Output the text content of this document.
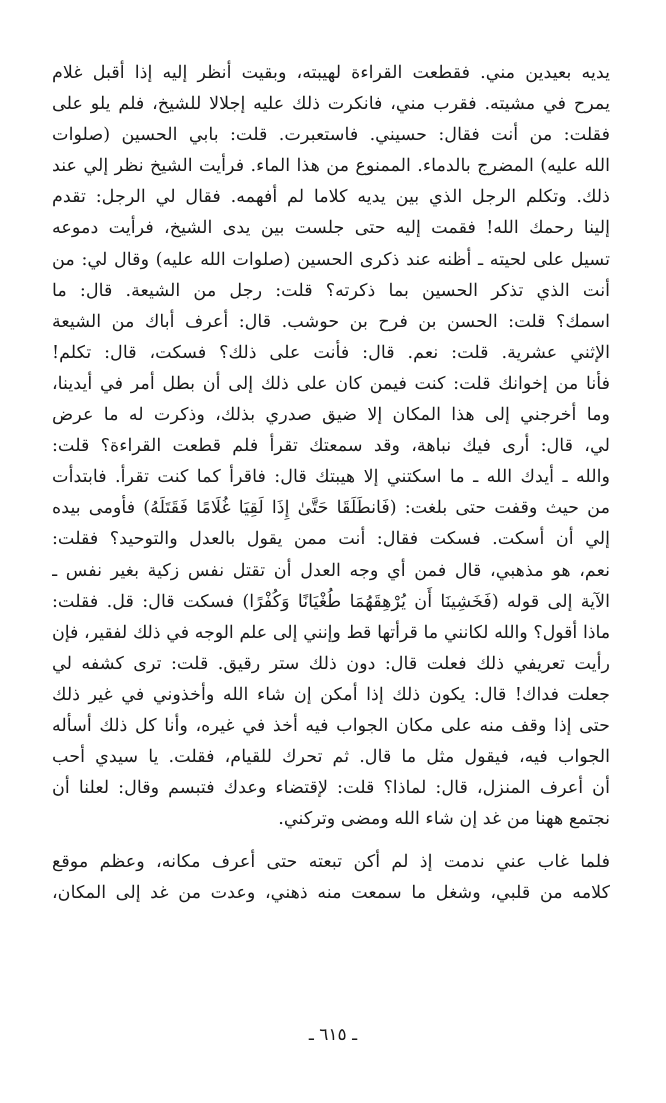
يديه بعيدين مني. فقطعت القراءة لهيبته، وبقيت أنظر إليه إذا أقبل غلام
يمرح في مشيته. فقرب مني، فانكرت ذلك عليه إجلالا للشيخ، فلم يلو على
فقلت: من أنت فقال: حسيني. فاستعبرت. قلت: بابي الحسين (صلوات
الله عليه) المضرج بالدماء. الممنوع من هذا الماء. فرأيت الشيخ نظر إلي عند
ذلك. وتكلم الرجل الذي بين يديه كلاما لم أفهمه. فقال لي الرجل: تقدم
إلينا رحمك الله! فقمت إليه حتى جلست بين يدى الشيخ، فرأيت دموعه
تسيل على لحيته ـ أظنه عند ذكرى الحسين (صلوات الله عليه) وقال لي: من
أنت الذي تذكر الحسين بما ذكرته؟ قلت: رجل من الشيعة. قال: ما
اسمك؟ قلت: الحسن بن فرح بن حوشب. قال: أعرف أباك من الشيعة
الإثني عشرية. قلت: نعم. قال: فأنت على ذلك؟ فسكت، قال: تكلم!
فأنا من إخوانك قلت: كنت فيمن كان على ذلك إلى أن بطل أمر في أيدينا،
وما أخرجني إلى هذا المكان إلا ضيق صدري بذلك، وذكرت له ما عرض
لي، قال: أرى فيك نباهة، وقد سمعتك تقرأ فلم قطعت القراءة؟ قلت:
والله ـ أيدك الله ـ ما اسكتني إلا هيبتك قال: فاقرأ كما كنت تقرأ. فابتدأت
من حيث وقفت حتى بلغت: (فَانطَلَقَا حَتَّىٰ إِذَا لَقِيَا غُلَامًا فَقَتَلَهُ) فأومى بيده
إلي أن أسكت. فسكت فقال: أنت ممن يقول بالعدل والتوحيد؟ فقلت:
نعم، هو مذهبي، قال فمن أي وجه العدل أن تقتل نفس زكية بغير نفس ـ
الآية إلى قوله (فَخَشِينَا أَن يُرْهِقَهُمَا طُغْيَانًا وَكُفْرًا) فسكت قال: قل. فقلت:
ماذا أقول؟ والله لكانني ما قرأتها قط وإنني إلى علم الوجه في ذلك لفقير، فإن
رأيت تعريفي ذلك فعلت قال: دون ذلك ستر رقيق. قلت: ترى كشفه لي
جعلت فداك! قال: يكون ذلك إذا أمكن إن شاء الله وأخذوني في غير ذلك
حتى إذا وقف منه على مكان الجواب فيه أخذ في غيره، وأنا كل ذلك أسأله
الجواب فيه، فيقول مثل ما قال. ثم تحرك للقيام، فقلت. يا سيدي أحب
أن أعرف المنزل، قال: لماذا؟ قلت: لإقتضاء وعدك فتبسم وقال: لعلنا أن
نجتمع ههنا من غد إن شاء الله ومضى وتركني.
فلما غاب عني ندمت إذ لم أكن تبعته حتى أعرف مكانه، وعظم موقع
كلامه من قلبي، وشغل ما سمعت منه ذهني، وعدت من غد إلى المكان،
ـ ٦١٥ ـ
